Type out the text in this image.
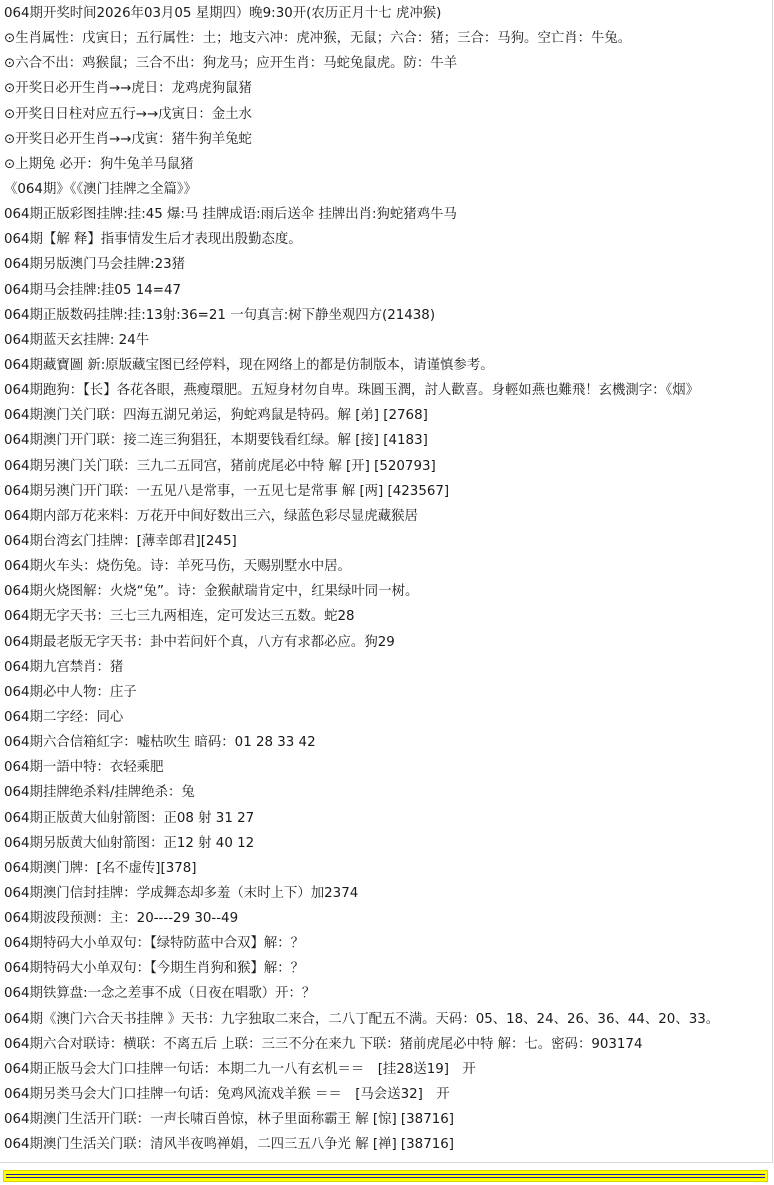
064期开奖时间2026年03月05 星期四）晚9:30开(农历正月十七 虎冲猴)
⊙生肖属性：戊寅日；五行属性：土；地支六冲：虎冲猴，无鼠；六合：猪；三合：马狗。空亡肖：牛兔。
⊙六合不出：鸡猴鼠；三合不出：狗龙马；应开生肖：马蛇兔鼠虎。防：牛羊
⊙开奖日必开生肖→→虎日：龙鸡虎狗鼠猪
⊙开奖日日柱对应五行→→戊寅日：金土水
⊙开奖日必开生肖→→戊寅：猪牛狗羊兔蛇
⊙上期兔 必开：狗牛兔羊马鼠猪
《064期》《《澳门挂牌之全篇》》
064期正版彩图挂牌:挂:45 爆:马 挂牌成语:雨后送伞 挂牌出肖:狗蛇猪鸡牛马
064期【解 释】指事情发生后才表现出殷勤态度。
064期另版澳门马会挂牌:23猪
064期马会挂牌:挂05 14=47
064期正版数码挂牌:挂:13射:36=21 一句真言:树下静坐观四方(21438)
064期蓝天玄挂牌: 24牛
064期藏寶圖 新:原版藏宝图已经停料，现在网络上的都是仿制版本，请谨慎参考。
064期跑狗：【长】各花各眼，燕瘦環肥。五短身材勿自卑。珠圓玉潤，討人歡喜。身輕如燕也難飛！玄機測字：《烟》
064期澳门关门联：四海五湖兄弟运，狗蛇鸡鼠是特码。解 [弟] [2768]
064期澳门开门联：接二连三狗猖狂，本期要钱看红绿。解 [接] [4183]
064期另澳门关门联：三九二五同宫，猪前虎尾必中特 解 [开] [520793]
064期另澳门开门联：一五见八是常事，一五见七是常事 解 [两] [423567]
064期内部万花来料：万花开中间好数出三六，绿蓝色彩尽显虎藏猴居
064期台湾玄门挂牌：[薄幸郎君][245]
064期火车头：烧伤兔。诗：羊死马伤，天赐别墅水中居。
064期火烧图解：火烧“兔”。诗：金猴献瑞肯定中，红果绿叶同一树。
064期无字天书：三七三九两相连，定可发达三五数。蛇28
064期最老版无字天书：卦中若问奸个真，八方有求都必应。狗29
064期九宫禁肖：猪
064期必中人物：庄子
064期二字经：同心
064期六合信箱紅字：嘘枯吹生 暗码：01 28 33 42
064期一語中特：衣轻乘肥
064期挂牌绝杀料/挂牌绝杀：兔
064期正版黄大仙射箭图：正08 射 31 27
064期另版黄大仙射箭图：正12 射 40 12
064期澳门牌：[名不虚传][378]
064期澳门信封挂牌：学成舞态却多羞（末时上下）加2374
064期波段预测：主：20----29 30--49
064期特码大小单双句：【绿特防蓝中合双】解：？
064期特码大小单双句：【今期生肖狗和猴】解：？
064期铁算盘:一念之差事不成（日夜在唱歌）开：？
064期《澳门六合天书挂牌 》天书：九字独取二来合，二八丁配五不满。天码：05、18、24、26、36、44、20、33。
064期六合对联诗：横联：不离五后 上联：三三不分在来九 下联：猪前虎尾必中特 解：七。密码：903174
064期正版马会大门口挂牌一句话：本期二九一八有玄机＝＝　[挂28送19]　开
064期另类马会大门口挂牌一句话：兔鸡风流戏羊猴 ＝＝　[马会送32]　开
064期澳门生活开门联：一声长啸百兽惊，林子里面称霸王 解 [惊] [38716]
064期澳门生活关门联：清风半夜鸣禅娟，二四三五八争光 解 [禅] [38716]
